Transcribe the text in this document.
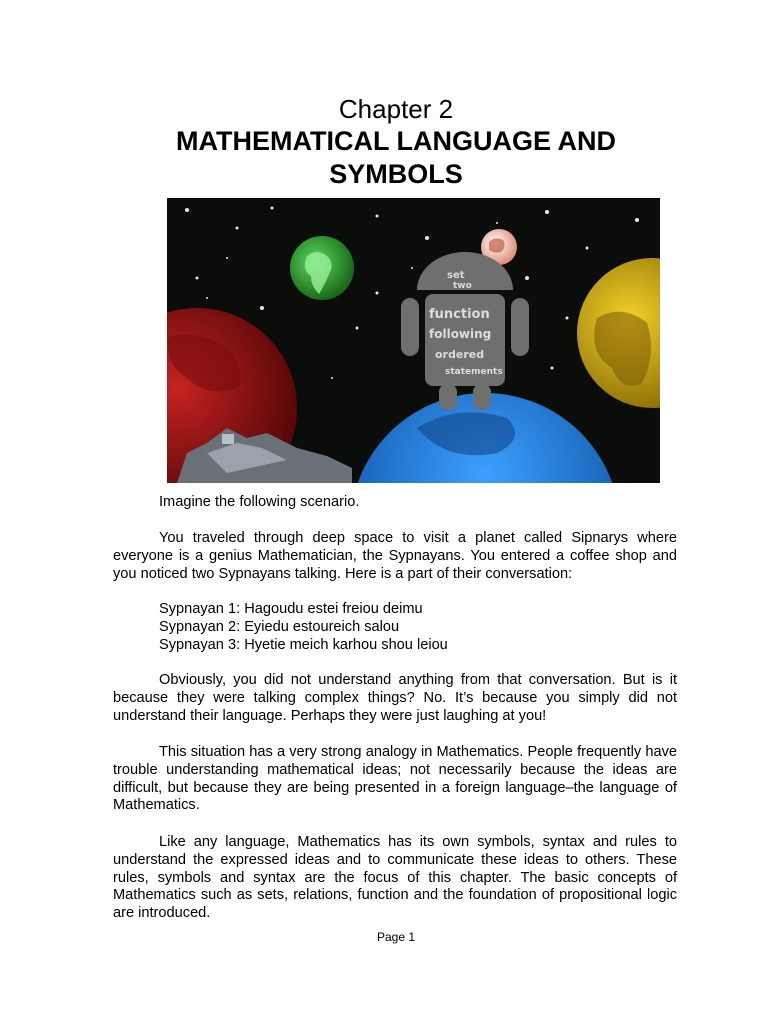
Chapter 2
MATHEMATICAL LANGUAGE AND
SYMBOLS
set
two
function
following
ordered
statements

Imagine the following scenario.

You traveled through deep space to visit a planet called Sipnarys where everyone is a genius Mathematician, the Sypnayans. You entered a coffee shop and you noticed two Sypnayans talking. Here is a part of their conversation:

Sypnayan 1: Hagoudu estei freiou deimu
Sypnayan 2: Eyiedu estoureich salou
Sypnayan 3: Hyetie meich karhou shou leiou

Obviously, you did not understand anything from that conversation. But is it because they were talking complex things? No. It’s because you simply did not understand their language. Perhaps they were just laughing at you!

This situation has a very strong analogy in Mathematics. People frequently have trouble understanding mathematical ideas; not necessarily because the ideas are difficult, but because they are being presented in a foreign language–the language of Mathematics.

Like any language, Mathematics has its own symbols, syntax and rules to understand the expressed ideas and to communicate these ideas to others. These rules, symbols and syntax are the focus of this chapter. The basic concepts of Mathematics such as sets, relations, function and the foundation of propositional logic are introduced.

Page 1
